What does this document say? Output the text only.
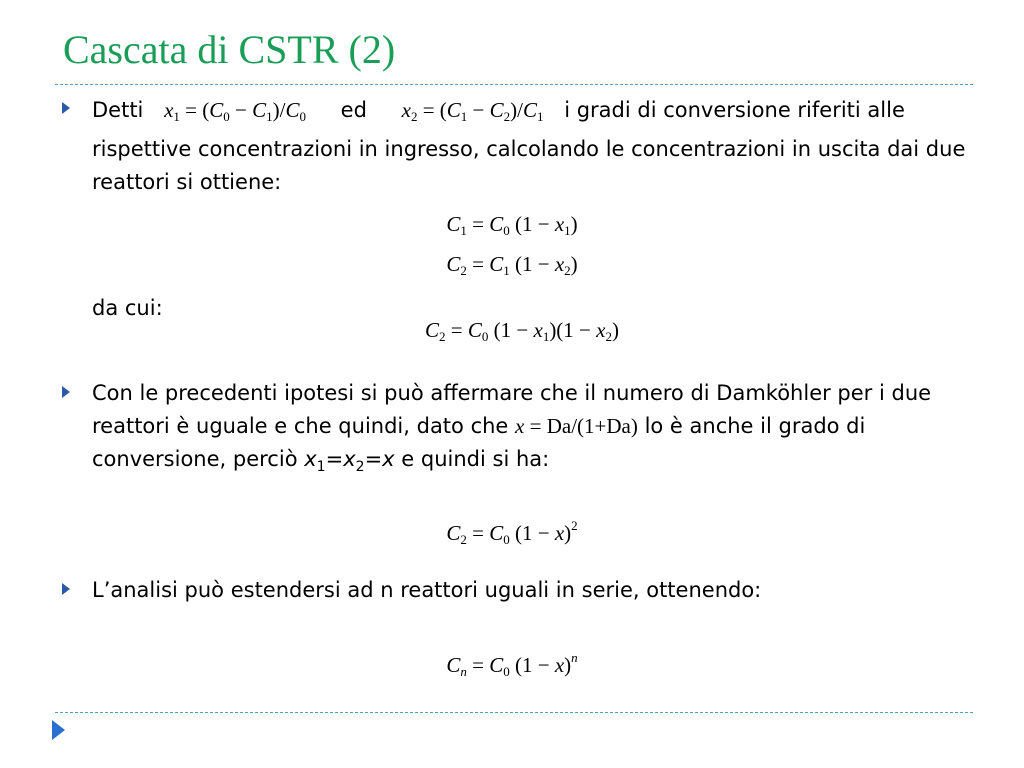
Cascata di CSTR (2)
Detti $x_1 = (C_0 - C_1)/C_0$ ed $x_2 = (C_1 - C_2)/C_1$ i gradi di conversione riferiti alle rispettive concentrazioni in ingresso, calcolando le concentrazioni in uscita dai due reattori si ottiene:
$C_1 = C_0$ $(1 - x_1)$
$C_2 = C_1$ $(1 - x_2)$
da cui:
$C_2 = C_0$ $(1 - x_1)(1 - x_2)$
Con le precedenti ipotesi si può affermare che il numero di Damköhler per i due reattori è uguale e che quindi, dato che x = Da/(1+Da) lo è anche il grado di conversione, perciò $x_1=x_2=x$ e quindi si ha:
$C_2 = C_0$ $(1 - x)^2$
L’analisi può estendersi ad n reattori uguali in serie, ottenendo:
$C_n = C_0$ $(1 - x)^n$
